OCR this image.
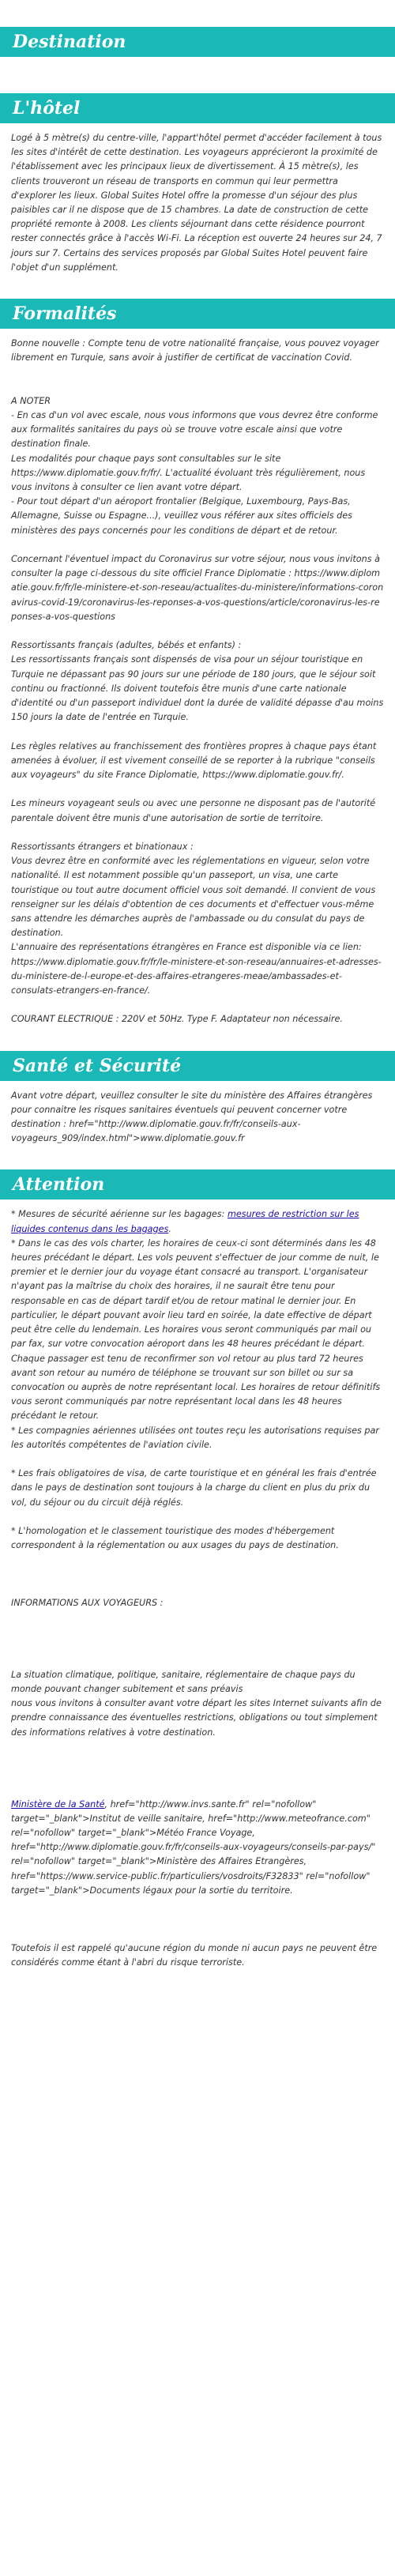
Destination
L'hôtel

Logé à 5 mètre(s) du centre-ville, l'appart'hôtel permet d'accéder facilement à tous les sites d'intérêt de cette destination. Les voyageurs apprécieront la proximité de l'établissement avec les principaux lieux de divertissement. À 15 mètre(s), les clients trouveront un réseau de transports en commun qui leur permettra d'explorer les lieux. Global Suites Hotel offre la promesse d'un séjour des plus paisibles car il ne dispose que de 15 chambres. La date de construction de cette propriété remonte à 2008. Les clients séjournant dans cette résidence pourront rester connectés grâce à l'accès Wi-Fi. La réception est ouverte 24 heures sur 24, 7 jours sur 7. Certains des services proposés par Global Suites Hotel peuvent faire l'objet d'un supplément.

Formalités

Bonne nouvelle : Compte tenu de votre nationalité française, vous pouvez voyager librement en Turquie, sans avoir à justifier de certificat de vaccination Covid.

A NOTER
- En cas d'un vol avec escale, nous vous informons que vous devrez être conforme aux formalités sanitaires du pays où se trouve votre escale ainsi que votre destination finale.
Les modalités pour chaque pays sont consultables sur le site https://www.diplomatie.gouv.fr/fr/. L'actualité évoluant très régulièrement, nous vous invitons à consulter ce lien avant votre départ.
- Pour tout départ d'un aéroport frontalier (Belgique, Luxembourg, Pays-Bas, Allemagne, Suisse ou Espagne...), veuillez vous référer aux sites officiels des ministères des pays concernés pour les conditions de départ et de retour.

Concernant l'éventuel impact du Coronavirus sur votre séjour, nous vous invitons à consulter la page ci-dessous du site officiel France Diplomatie : https://www.diplomatie.gouv.fr/fr/le-ministere-et-son-reseau/actualites-du-ministere/informations-coronavirus-covid-19/coronavirus-les-reponses-a-vos-questions/article/coronavirus-les-reponses-a-vos-questions

Ressortissants français (adultes, bébés et enfants) :
Les ressortissants français sont dispensés de visa pour un séjour touristique en Turquie ne dépassant pas 90 jours sur une période de 180 jours, que le séjour soit continu ou fractionné. Ils doivent toutefois être munis d'une carte nationale d'identité ou d'un passeport individuel dont la durée de validité dépasse d'au moins 150 jours la date de l'entrée en Turquie.

Les règles relatives au franchissement des frontières propres à chaque pays étant amenées à évoluer, il est vivement conseillé de se reporter à la rubrique "conseils aux voyageurs" du site France Diplomatie, https://www.diplomatie.gouv.fr/.

Les mineurs voyageant seuls ou avec une personne ne disposant pas de l'autorité parentale doivent être munis d'une autorisation de sortie de territoire.

Ressortissants étrangers et binationaux :
Vous devrez être en conformité avec les réglementations en vigueur, selon votre nationalité. Il est notamment possible qu'un passeport, un visa, une carte touristique ou tout autre document officiel vous soit demandé. Il convient de vous renseigner sur les délais d'obtention de ces documents et d'effectuer vous-même sans attendre les démarches auprès de l'ambassade ou du consulat du pays de destination.
L'annuaire des représentations étrangères en France est disponible via ce lien: https://www.diplomatie.gouv.fr/fr/le-ministere-et-son-reseau/annuaires-et-adresses-du-ministere-de-l-europe-et-des-affaires-etrangeres-meae/ambassades-et-consulats-etrangers-en-france/.

COURANT ELECTRIQUE : 220V et 50Hz. Type F. Adaptateur non nécessaire.

Santé et Sécurité

Avant votre départ, veuillez consulter le site du ministère des Affaires étrangères pour connaitre les risques sanitaires éventuels qui peuvent concerner votre destination : href="http://www.diplomatie.gouv.fr/fr/conseils-aux-voyageurs_909/index.html">www.diplomatie.gouv.fr

Attention

* Mesures de sécurité aérienne sur les bagages: mesures de restriction sur les liquides contenus dans les bagages.

* Dans le cas des vols charter, les horaires de ceux-ci sont déterminés dans les 48 heures précédant le départ. Les vols peuvent s'effectuer de jour comme de nuit, le premier et le dernier jour du voyage étant consacré au transport. L'organisateur n'ayant pas la maîtrise du choix des horaires, il ne saurait être tenu pour responsable en cas de départ tardif et/ou de retour matinal le dernier jour. En particulier, le départ pouvant avoir lieu tard en soirée, la date effective de départ peut être celle du lendemain. Les horaires vous seront communiqués par mail ou par fax, sur votre convocation aéroport dans les 48 heures précédant le départ. Chaque passager est tenu de reconfirmer son vol retour au plus tard 72 heures avant son retour au numéro de téléphone se trouvant sur son billet ou sur sa convocation ou auprès de notre représentant local. Les horaires de retour définitifs vous seront communiqués par notre représentant local dans les 48 heures précédant le retour.
* Les compagnies aériennes utilisées ont toutes reçu les autorisations requises par les autorités compétentes de l'aviation civile.

* Les frais obligatoires de visa, de carte touristique et en général les frais d'entrée dans le pays de destination sont toujours à la charge du client en plus du prix du vol, du séjour ou du circuit déjà réglés.

* L'homologation et le classement touristique des modes d'hébergement correspondent à la réglementation ou aux usages du pays de destination.

INFORMATIONS AUX VOYAGEURS :

La situation climatique, politique, sanitaire, réglementaire de chaque pays du monde pouvant changer subitement et sans préavis
nous vous invitons à consulter avant votre départ les sites Internet suivants afin de prendre connaissance des éventuelles restrictions, obligations ou tout simplement des informations relatives à votre destination.

Ministère de la Santé, href="http://www.invs.sante.fr" rel="nofollow" target="_blank">Institut de veille sanitaire, href="http://www.meteofrance.com" rel="nofollow" target="_blank">Météo France Voyage, href="http://www.diplomatie.gouv.fr/fr/conseils-aux-voyageurs/conseils-par-pays/" rel="nofollow" target="_blank">Ministère des Affaires Etrangères, href="https://www.service-public.fr/particuliers/vosdroits/F32833" rel="nofollow" target="_blank">Documents légaux pour la sortie du territoire.

Toutefois il est rappelé qu'aucune région du monde ni aucun pays ne peuvent être considérés comme étant à l'abri du risque terroriste.
